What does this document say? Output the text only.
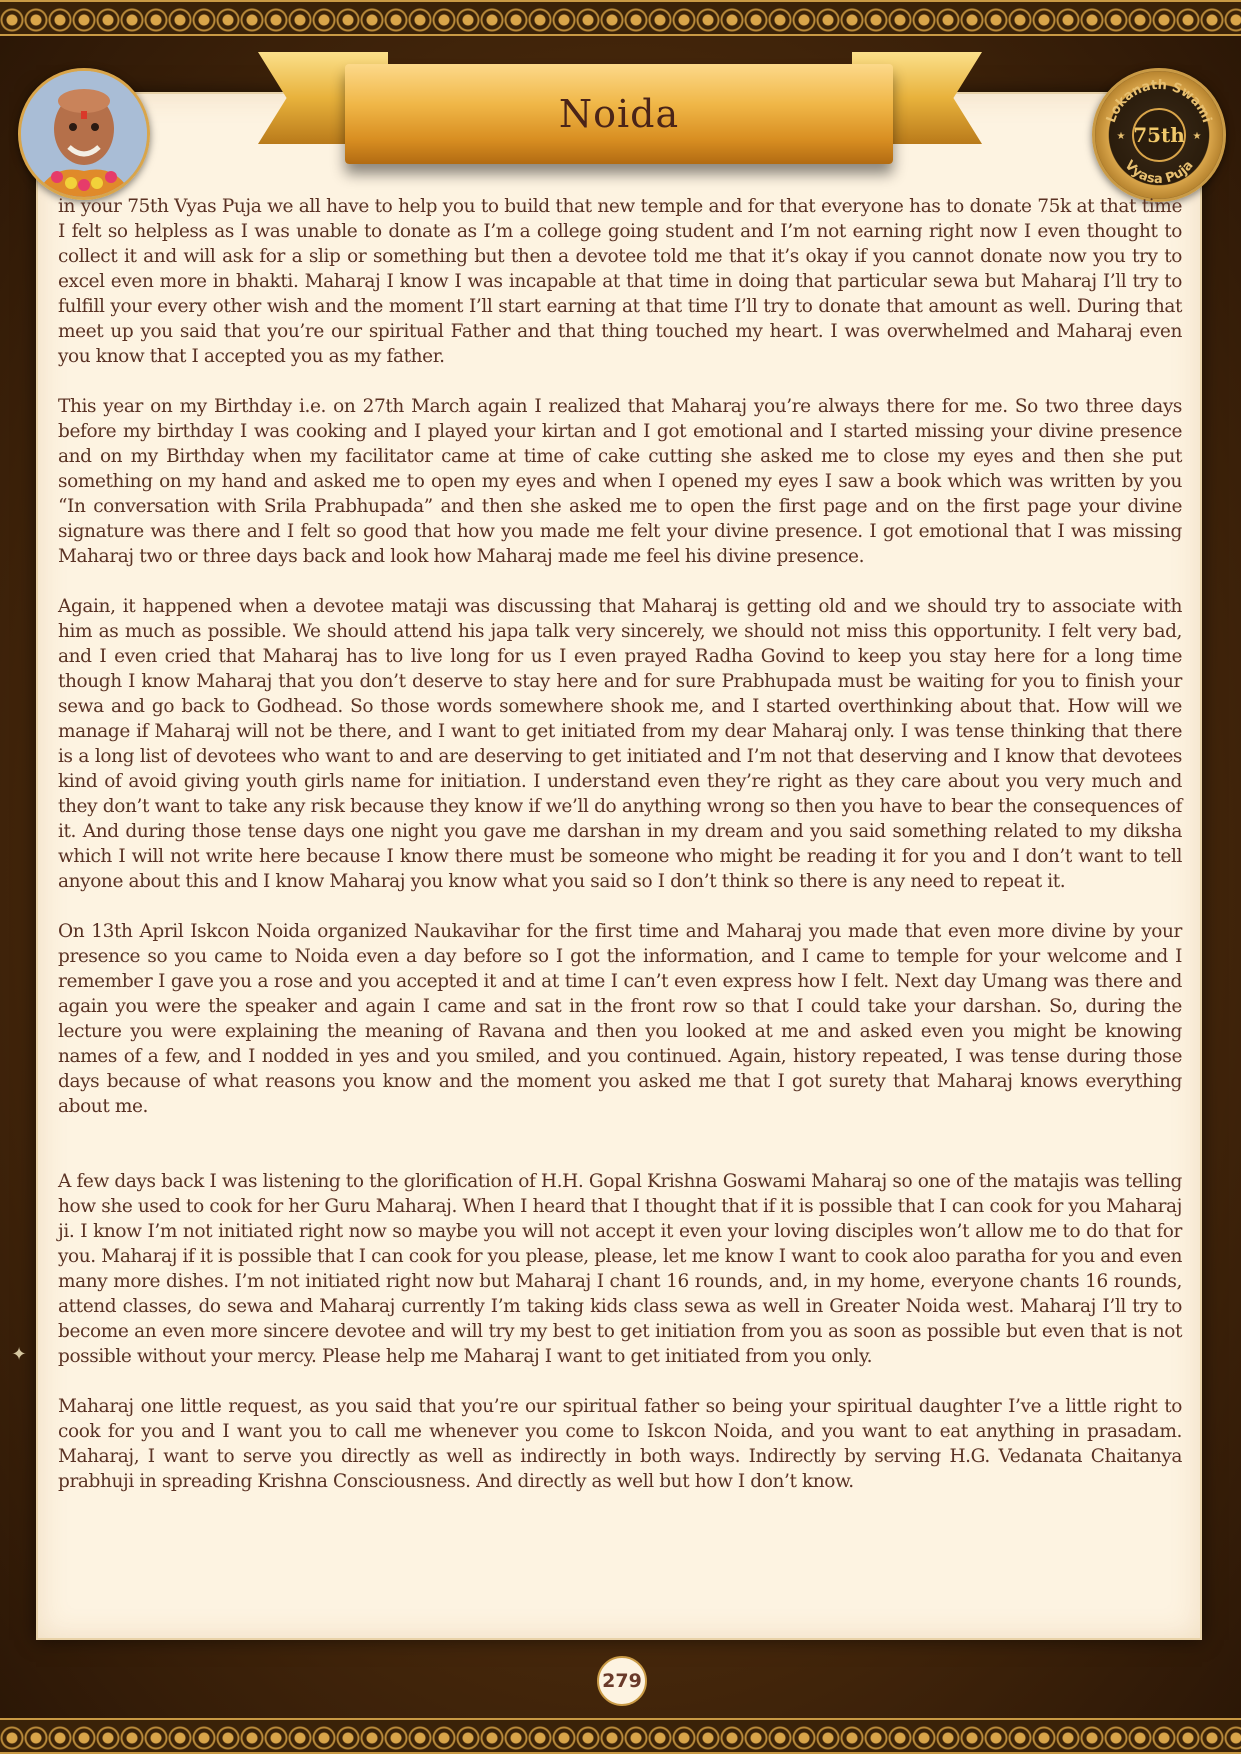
Noida	Lokanath Swami
Vyasa Puja
75th
★	★

in your 75th Vyas Puja we all have to help you to build that new temple and for that everyone has to donate 75k at that time I felt so helpless as I was unable to donate as I’m a college going student and I’m not earning right now I even thought to collect it and will ask for a slip or something but then a devotee told me that it’s okay if you cannot donate now you try to excel even more in bhakti. Maharaj I know I was incapable at that time in doing that particular sewa but Maharaj I’ll try to fulfill your every other wish and the moment I’ll start earning at that time I’ll try to donate that amount as well. During that meet up you said that you’re our spiritual Father and that thing touched my heart. I was overwhelmed and Maharaj even you know that I accepted you as my father.

This year on my Birthday i.e. on 27th March again I realized that Maharaj you’re always there for me. So two three days before my birthday I was cooking and I played your kirtan and I got emotional and I started missing your divine presence and on my Birthday when my facilitator came at time of cake cutting she asked me to close my eyes and then she put something on my hand and asked me to open my eyes and when I opened my eyes I saw a book which was written by you “In conversation with Srila Prabhupada” and then she asked me to open the first page and on the first page your divine signature was there and I felt so good that how you made me felt your divine presence. I got emotional that I was missing Maharaj two or three days back and look how Maharaj made me feel his divine presence.

Again, it happened when a devotee mataji was discussing that Maharaj is getting old and we should try to associate with him as much as possible. We should attend his japa talk very sincerely, we should not miss this opportunity. I felt very bad, and I even cried that Maharaj has to live long for us I even prayed Radha Govind to keep you stay here for a long time though I know Maharaj that you don’t deserve to stay here and for sure Prabhupada must be waiting for you to finish your sewa and go back to Godhead. So those words somewhere shook me, and I started overthinking about that. How will we manage if Maharaj will not be there, and I want to get initiated from my dear Maharaj only. I was tense thinking that there is a long list of devotees who want to and are deserving to get initiated and I’m not that deserving and I know that devotees kind of avoid giving youth girls name for initiation. I understand even they’re right as they care about you very much and they don’t want to take any risk because they know if we’ll do anything wrong so then you have to bear the consequences of it. And during those tense days one night you gave me darshan in my dream and you said something related to my diksha which I will not write here because I know there must be someone who might be reading it for you and I don’t want to tell anyone about this and I know Maharaj you know what you said so I don’t think so there is any need to repeat it.

On 13th April Iskcon Noida organized Naukavihar for the first time and Maharaj you made that even more divine by your presence so you came to Noida even a day before so I got the information, and I came to temple for your welcome and I remember I gave you a rose and you accepted it and at time I can’t even express how I felt. Next day Umang was there and again you were the speaker and again I came and sat in the front row so that I could take your darshan. So, during the lecture you were explaining the meaning of Ravana and then you looked at me and asked even you might be knowing names of a few, and I nodded in yes and you smiled, and you continued. Again, history repeated, I was tense during those days because of what reasons you know and the moment you asked me that I got surety that Maharaj knows everything about me.

A few days back I was listening to the glorification of H.H. Gopal Krishna Goswami Maharaj so one of the matajis was telling how she used to cook for her Guru Maharaj. When I heard that I thought that if it is possible that I can cook for you Maharaj ji. I know I’m not initiated right now so maybe you will not accept it even your loving disciples won’t allow me to do that for you. Maharaj if it is possible that I can cook for you please, please, let me know I want to cook aloo paratha for you and even many more dishes. I’m not initiated right now but Maharaj I chant 16 rounds, and, in my home, everyone chants 16 rounds, attend classes, do sewa and Maharaj currently I’m taking kids class sewa as well in Greater Noida west. Maharaj I’ll try to become an even more sincere devotee and will try my best to get initiation from you as soon as possible but even that is not possible without your mercy. Please help me Maharaj I want to get initiated from you only.

Maharaj one little request, as you said that you’re our spiritual father so being your spiritual daughter I’ve a little right to cook for you and I want you to call me whenever you come to Iskcon Noida, and you want to eat anything in prasadam. Maharaj, I want to serve you directly as well as indirectly in both ways. Indirectly by serving H.G. Vedanata Chaitanya prabhuji in spreading Krishna Consciousness. And directly as well but how I don’t know.

✦
279
